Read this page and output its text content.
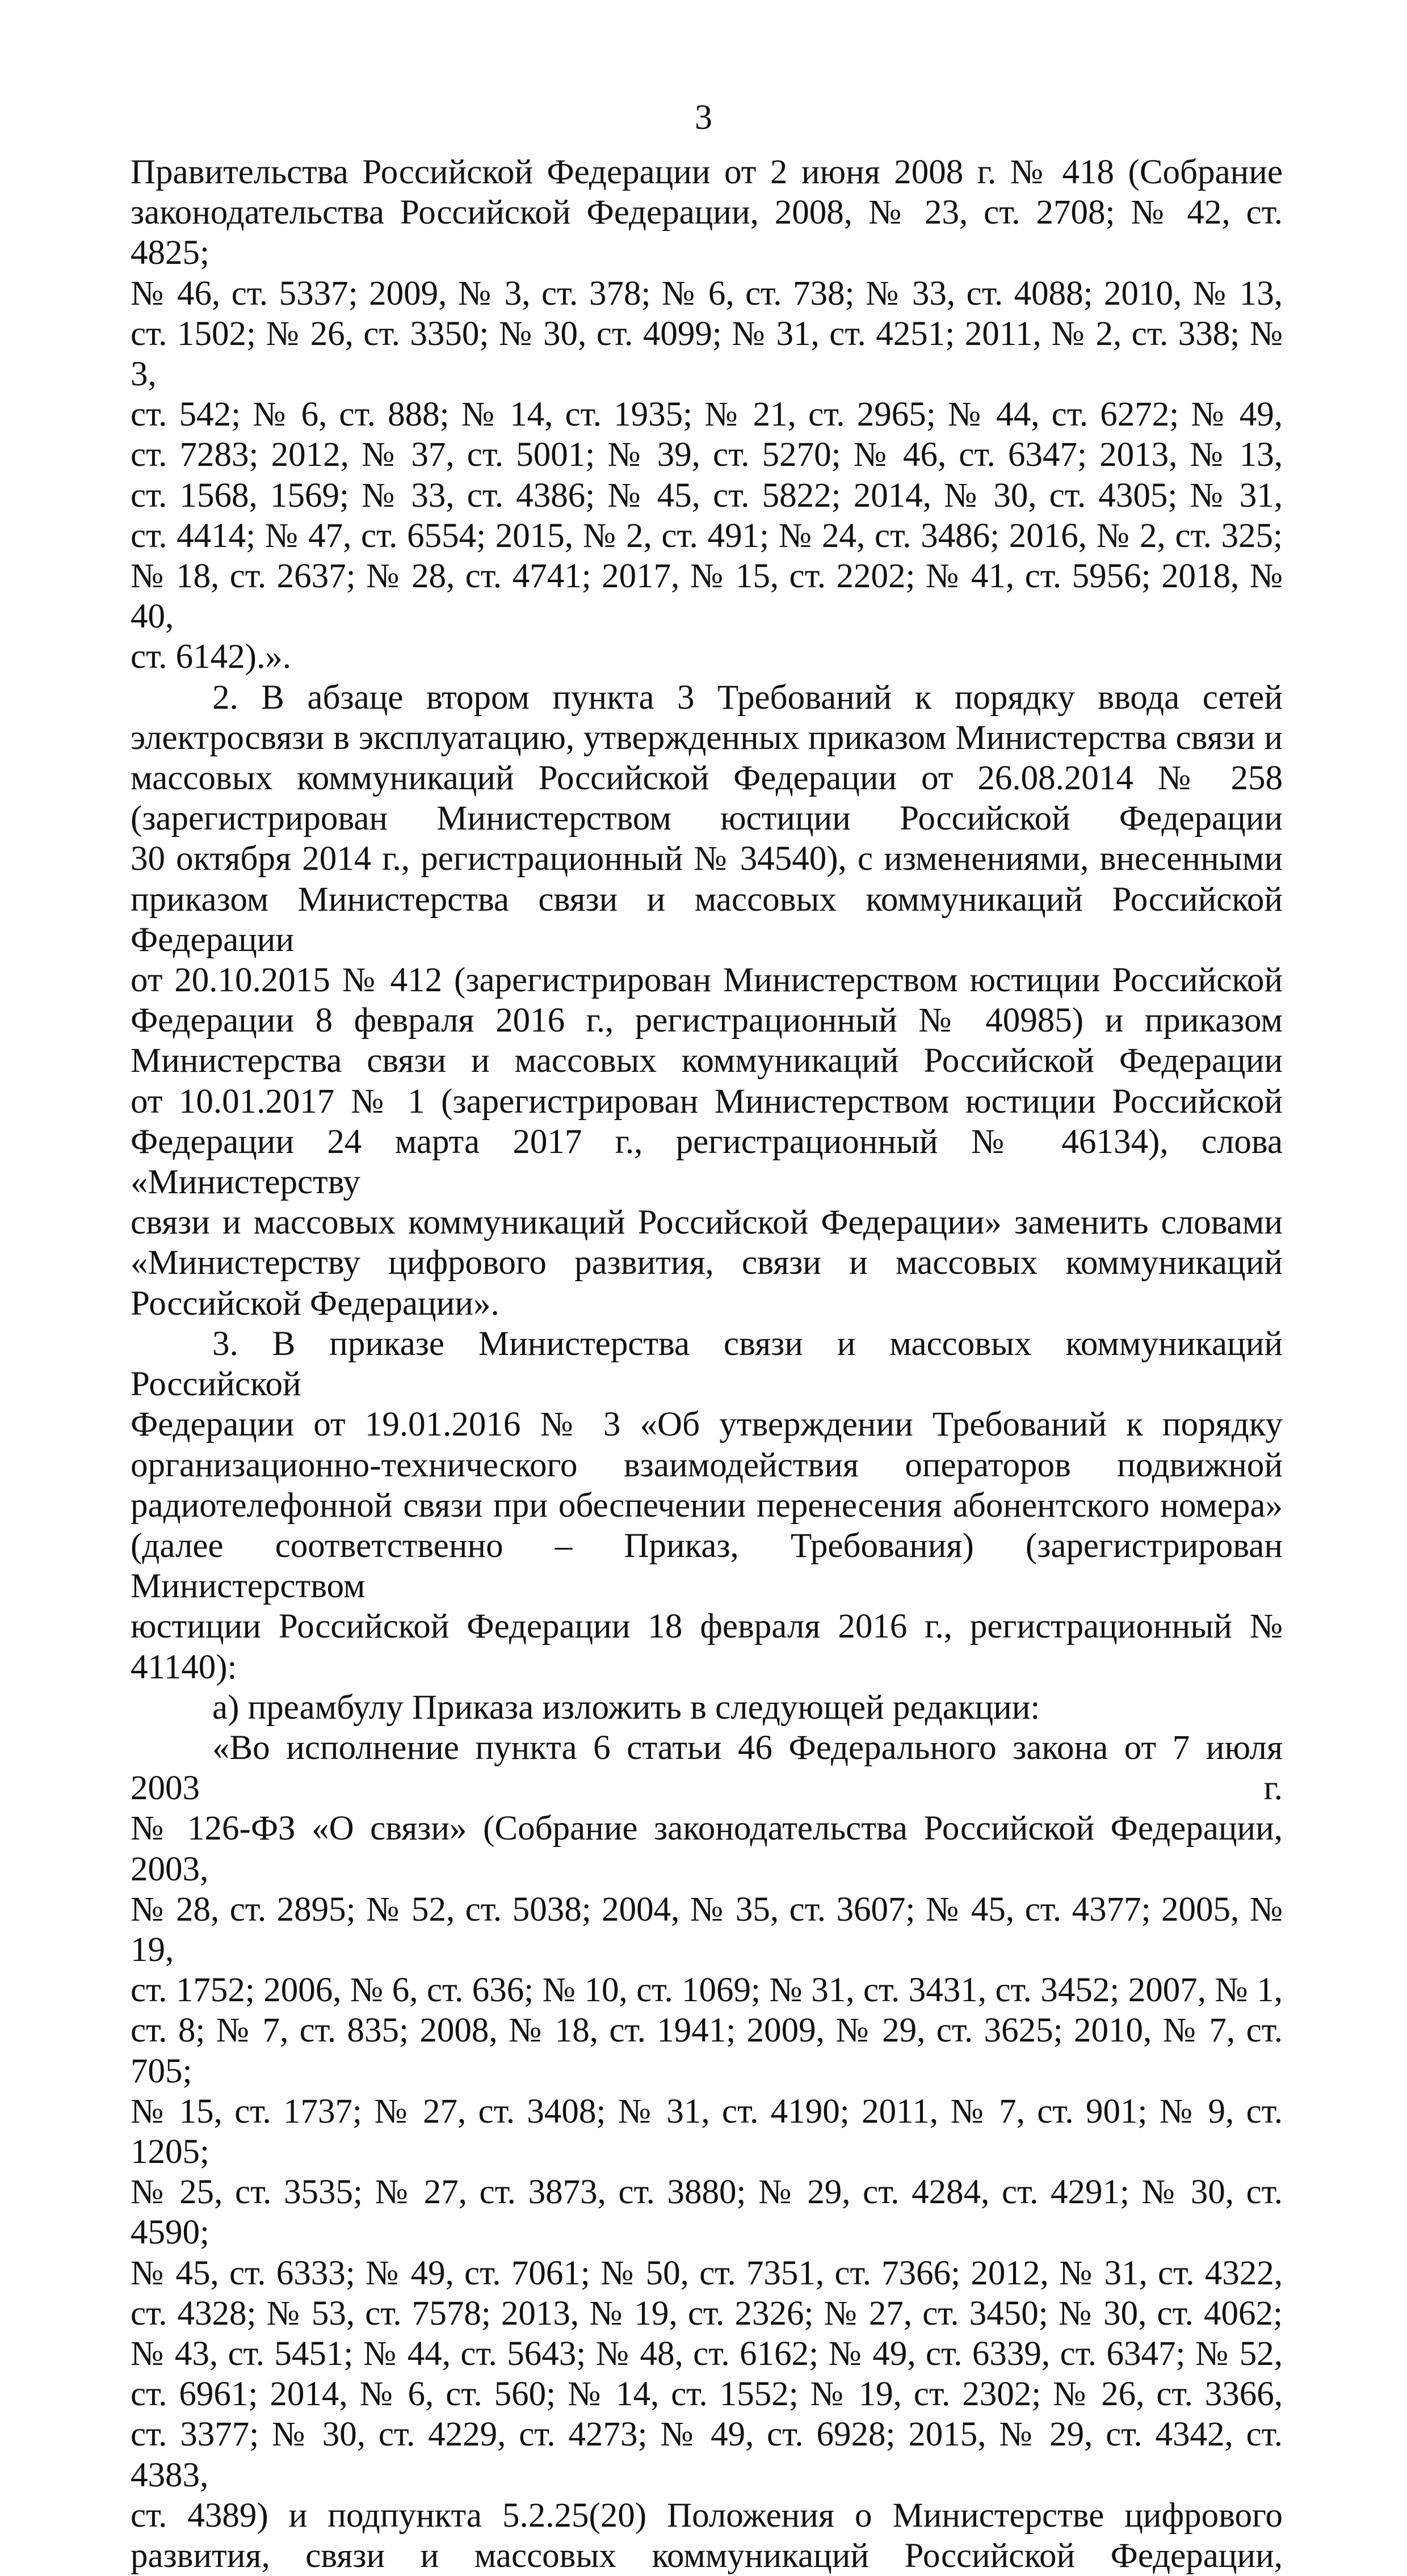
3

Правительства Российской Федерации от 2 июня 2008 г. № 418 (Собрание

законодательства Российской Федерации, 2008, № 23, ст. 2708; № 42, ст. 4825;

№ 46, ст. 5337; 2009, № 3, ст. 378; № 6, ст. 738; № 33, ст. 4088; 2010, № 13,

ст. 1502; № 26, ст. 3350; № 30, ст. 4099; № 31, ст. 4251; 2011, № 2, ст. 338; № 3,

ст. 542; № 6, ст. 888; № 14, ст. 1935; № 21, ст. 2965; № 44, ст. 6272; № 49,

ст. 7283; 2012, № 37, ст. 5001; № 39, ст. 5270; № 46, ст. 6347; 2013, № 13,

ст. 1568, 1569; № 33, ст. 4386; № 45, ст. 5822; 2014, № 30, ст. 4305; № 31,

ст. 4414; № 47, ст. 6554; 2015, № 2, ст. 491; № 24, ст. 3486; 2016, № 2, ст. 325;

№ 18, ст. 2637; № 28, ст. 4741; 2017, № 15, ст. 2202; № 41, ст. 5956; 2018, № 40,

ст. 6142).».

2. В абзаце втором пункта 3 Требований к порядку ввода сетей

электросвязи в эксплуатацию, утвержденных приказом Министерства связи и

массовых коммуникаций Российской Федерации от 26.08.2014 № 258

(зарегистрирован Министерством юстиции Российской Федерации

30 октября 2014 г., регистрационный № 34540), с изменениями, внесенными

приказом Министерства связи и массовых коммуникаций Российской Федерации

от 20.10.2015 № 412 (зарегистрирован Министерством юстиции Российской

Федерации 8 февраля 2016 г., регистрационный № 40985) и приказом

Министерства связи и массовых коммуникаций Российской Федерации

от 10.01.2017 № 1 (зарегистрирован Министерством юстиции Российской

Федерации 24 марта 2017 г., регистрационный № 46134), слова «Министерству

связи и массовых коммуникаций Российской Федерации» заменить словами

«Министерству цифрового развития, связи и массовых коммуникаций

Российской Федерации».

3. В приказе Министерства связи и массовых коммуникаций Российской

Федерации от 19.01.2016 № 3 «Об утверждении Требований к порядку

организационно-технического взаимодействия операторов подвижной

радиотелефонной связи при обеспечении перенесения абонентского номера»

(далее соответственно – Приказ, Требования) (зарегистрирован Министерством

юстиции Российской Федерации 18 февраля 2016 г., регистрационный № 41140):

а) преамбулу Приказа изложить в следующей редакции:

«Во исполнение пункта 6 статьи 46 Федерального закона от 7 июля 2003 г.

№ 126-ФЗ «О связи» (Собрание законодательства Российской Федерации, 2003,

№ 28, ст. 2895; № 52, ст. 5038; 2004, № 35, ст. 3607; № 45, ст. 4377; 2005, № 19,

ст. 1752; 2006, № 6, ст. 636; № 10, ст. 1069; № 31, ст. 3431, ст. 3452; 2007, № 1,

ст. 8; № 7, ст. 835; 2008, № 18, ст. 1941; 2009, № 29, ст. 3625; 2010, № 7, ст. 705;

№ 15, ст. 1737; № 27, ст. 3408; № 31, ст. 4190; 2011, № 7, ст. 901; № 9, ст. 1205;

№ 25, ст. 3535; № 27, ст. 3873, ст. 3880; № 29, ст. 4284, ст. 4291; № 30, ст. 4590;

№ 45, ст. 6333; № 49, ст. 7061; № 50, ст. 7351, ст. 7366; 2012, № 31, ст. 4322,

ст. 4328; № 53, ст. 7578; 2013, № 19, ст. 2326; № 27, ст. 3450; № 30, ст. 4062;

№ 43, ст. 5451; № 44, ст. 5643; № 48, ст. 6162; № 49, ст. 6339, ст. 6347; № 52,

ст. 6961; 2014, № 6, ст. 560; № 14, ст. 1552; № 19, ст. 2302; № 26, ст. 3366,

ст. 3377; № 30, ст. 4229, ст. 4273; № 49, ст. 6928; 2015, № 29, ст. 4342, ст. 4383,

ст. 4389) и подпункта 5.2.25(20) Положения о Министерстве цифрового

развития, связи и массовых коммуникаций Российской Федерации,
